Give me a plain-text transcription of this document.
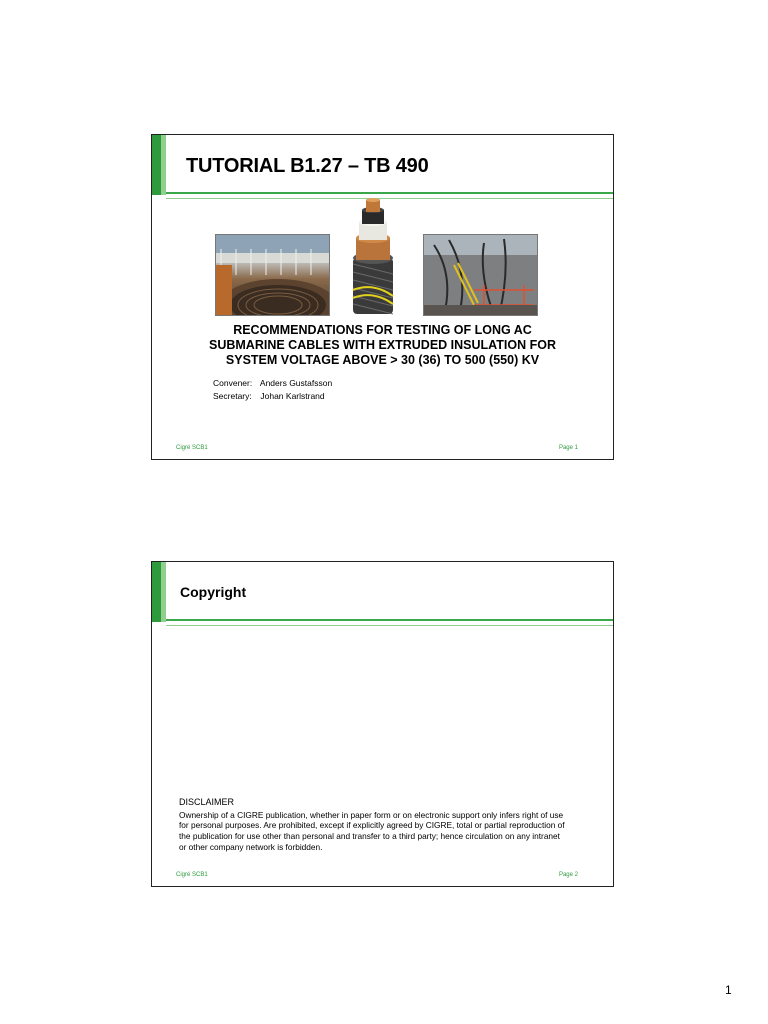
TUTORIAL B1.27 – TB 490
RECOMMENDATIONS FOR TESTING OF LONG AC
SUBMARINE CABLES WITH EXTRUDED INSULATION FOR
SYSTEM VOLTAGE ABOVE > 30 (36) TO 500 (550) KV
Convener: Anders Gustafsson
Secretary: Johan Karlstrand
Cigré SCB1	Page 1
Copyright
DISCLAIMER
Ownership of a CIGRE publication, whether in paper form or on electronic support only infers right of use
for personal purposes. Are prohibited, except if explicitly agreed by CIGRE, total or partial reproduction of
the publication for use other than personal and transfer to a third party; hence circulation on any intranet
or other company network is forbidden.
Cigré SCB1	Page 2
1
